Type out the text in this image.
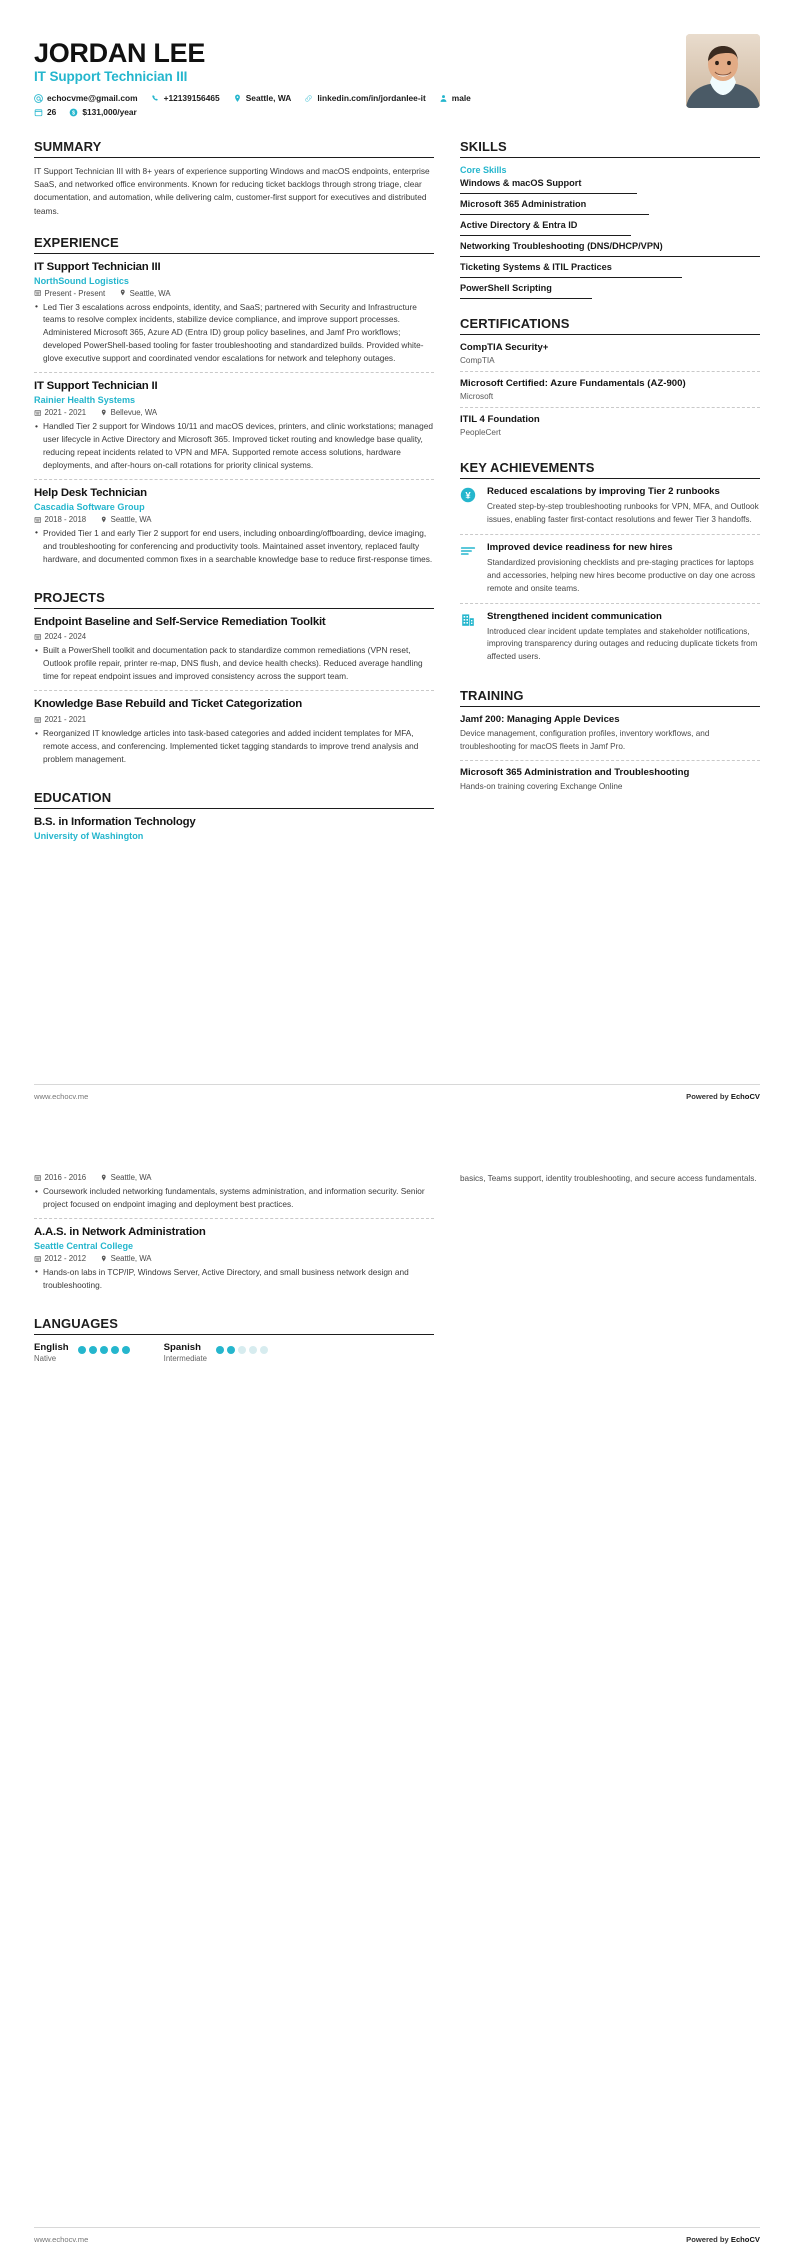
JORDAN LEE
IT Support Technician III
echocvme@gmail.com	+12139156465	Seattle, WA	linkedin.com/in/jordanlee-it	male
26 $ $131,000/year
SUMMARY
IT Support Technician III with 8+ years of experience supporting Windows and macOS endpoints, enterprise SaaS, and networked office environments. Known for reducing ticket backlogs through strong triage, clear documentation, and automation, while delivering calm, customer-first support for executives and distributed teams.
EXPERIENCE
IT Support Technician III
NorthSound Logistics
Present - Present	Seattle, WA
• Led Tier 3 escalations across endpoints, identity, and SaaS; partnered with Security and Infrastructure teams to resolve complex incidents, stabilize device compliance, and improve support processes. Administered Microsoft 365, Azure AD (Entra ID) group policy baselines, and Jamf Pro workflows; developed PowerShell-based tooling for faster troubleshooting and standardized builds. Provided white-glove executive support and coordinated vendor escalations for network and telephony outages.
IT Support Technician II
Rainier Health Systems
2021 - 2021	Bellevue, WA
• Handled Tier 2 support for Windows 10/11 and macOS devices, printers, and clinic workstations; managed user lifecycle in Active Directory and Microsoft 365. Improved ticket routing and knowledge base quality, reducing repeat incidents related to VPN and MFA. Supported remote access solutions, hardware deployments, and after-hours on-call rotations for priority clinical systems.
Help Desk Technician
Cascadia Software Group
2018 - 2018	Seattle, WA
• Provided Tier 1 and early Tier 2 support for end users, including onboarding/offboarding, device imaging, and troubleshooting for conferencing and productivity tools. Maintained asset inventory, replaced faulty hardware, and documented common fixes in a searchable knowledge base to reduce first-response times.
PROJECTS
Endpoint Baseline and Self-Service Remediation Toolkit
2024 - 2024
• Built a PowerShell toolkit and documentation pack to standardize common remediations (VPN reset, Outlook profile repair, printer re-map, DNS flush, and device health checks). Reduced average handling time for repeat endpoint issues and improved consistency across the support team.
Knowledge Base Rebuild and Ticket Categorization
2021 - 2021
• Reorganized IT knowledge articles into task-based categories and added incident templates for MFA, remote access, and conferencing. Implemented ticket tagging standards to improve trend analysis and problem management.
EDUCATION
B.S. in Information Technology
University of Washington
SKILLS
Core Skills
Windows & macOS Support
Microsoft 365 Administration
Active Directory & Entra ID
Networking Troubleshooting (DNS/DHCP/VPN)
Ticketing Systems & ITIL Practices
PowerShell Scripting
CERTIFICATIONS
CompTIA Security+
CompTIA
Microsoft Certified: Azure Fundamentals (AZ-900)
Microsoft
ITIL 4 Foundation
PeopleCert
KEY ACHIEVEMENTS
¥ Reduced escalations by improving Tier 2 runbooks
Created step-by-step troubleshooting runbooks for VPN, MFA, and Outlook issues, enabling faster first-contact resolutions and fewer Tier 3 handoffs.
Improved device readiness for new hires
Standardized provisioning checklists and pre-staging practices for laptops and accessories, helping new hires become productive on day one across remote and onsite teams.
Strengthened incident communication
Introduced clear incident update templates and stakeholder notifications, improving transparency during outages and reducing duplicate tickets from affected users.
TRAINING
Jamf 200: Managing Apple Devices
Device management, configuration profiles, inventory workflows, and troubleshooting for macOS fleets in Jamf Pro.
Microsoft 365 Administration and Troubleshooting
Hands-on training covering Exchange Online
www.echocv.me	Powered by EchoCV
2016 - 2016	Seattle, WA
• Coursework included networking fundamentals, systems administration, and information security. Senior project focused on endpoint imaging and deployment best practices.
A.A.S. in Network Administration
Seattle Central College
2012 - 2012	Seattle, WA
• Hands-on labs in TCP/IP, Windows Server, Active Directory, and small business network design and troubleshooting.
LANGUAGES
English
Native
Spanish
Intermediate
basics, Teams support, identity troubleshooting, and secure access fundamentals.
www.echocv.me	Powered by EchoCV
